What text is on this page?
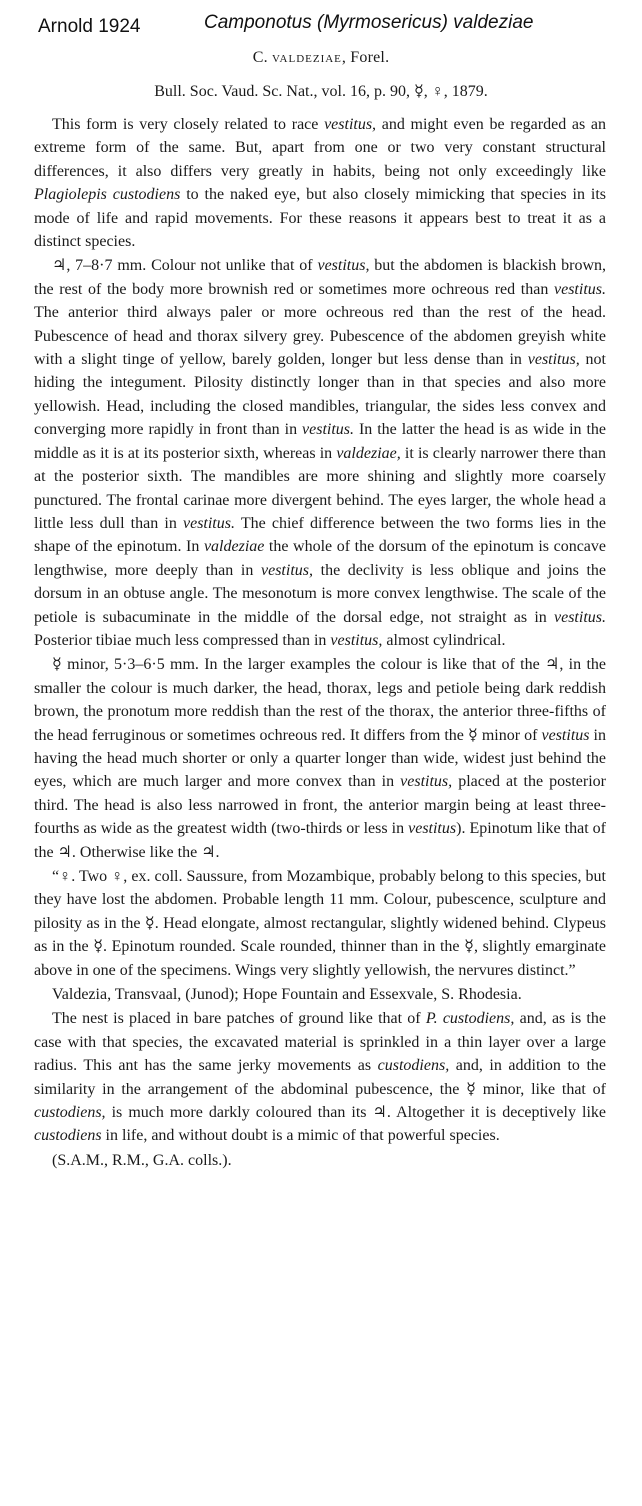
Arnold 1924	Camponotus (Myrmosericus) valdeziae
C. valdeziae, Forel.
Bull. Soc. Vaud. Sc. Nat., vol. 16, p. 90, ☿, ♀, 1879.

This form is very closely related to race vestitus, and might even be regarded as an extreme form of the same. But, apart from one or two very constant structural differences, it also differs very greatly in habits, being not only exceedingly like Plagiolepis custodiens to the naked eye, but also closely mimicking that species in its mode of life and rapid movements. For these reasons it appears best to treat it as a distinct species.

♃, 7–8·7 mm. Colour not unlike that of vestitus, but the abdomen is blackish brown, the rest of the body more brownish red or sometimes more ochreous red than vestitus. The anterior third always paler or more ochreous red than the rest of the head. Pubescence of head and thorax silvery grey. Pubescence of the abdomen greyish white with a slight tinge of yellow, barely golden, longer but less dense than in vestitus, not hiding the integument. Pilosity distinctly longer than in that species and also more yellowish. Head, including the closed mandibles, triangular, the sides less convex and converging more rapidly in front than in vestitus. In the latter the head is as wide in the middle as it is at its posterior sixth, whereas in valdeziae, it is clearly narrower there than at the posterior sixth. The mandibles are more shining and slightly more coarsely punctured. The frontal carinae more divergent behind. The eyes larger, the whole head a little less dull than in vestitus. The chief difference between the two forms lies in the shape of the epinotum. In valdeziae the whole of the dorsum of the epinotum is concave lengthwise, more deeply than in vestitus, the declivity is less oblique and joins the dorsum in an obtuse angle. The mesonotum is more convex lengthwise. The scale of the petiole is subacuminate in the middle of the dorsal edge, not straight as in vestitus. Posterior tibiae much less compressed than in vestitus, almost cylindrical.

☿ minor, 5·3–6·5 mm. In the larger examples the colour is like that of the ♃, in the smaller the colour is much darker, the head, thorax, legs and petiole being dark reddish brown, the pronotum more reddish than the rest of the thorax, the anterior three-fifths of the head ferruginous or sometimes ochreous red. It differs from the ☿ minor of vestitus in having the head much shorter or only a quarter longer than wide, widest just behind the eyes, which are much larger and more convex than in vestitus, placed at the posterior third. The head is also less narrowed in front, the anterior margin being at least three-fourths as wide as the greatest width (two-thirds or less in vestitus). Epinotum like that of the ♃. Otherwise like the ♃.

“♀. Two ♀, ex. coll. Saussure, from Mozambique, probably belong to this species, but they have lost the abdomen. Probable length 11 mm. Colour, pubescence, sculpture and pilosity as in the ☿. Head elongate, almost rectangular, slightly widened behind. Clypeus as in the ☿. Epinotum rounded. Scale rounded, thinner than in the ☿, slightly emarginate above in one of the specimens. Wings very slightly yellowish, the nervures distinct.”

Valdezia, Transvaal, (Junod); Hope Fountain and Essexvale, S. Rhodesia.

The nest is placed in bare patches of ground like that of P. custodiens, and, as is the case with that species, the excavated material is sprinkled in a thin layer over a large radius. This ant has the same jerky movements as custodiens, and, in addition to the similarity in the arrangement of the abdominal pubescence, the ☿ minor, like that of custodiens, is much more darkly coloured than its ♃. Altogether it is deceptively like custodiens in life, and without doubt is a mimic of that powerful species.

(S.A.M., R.M., G.A. colls.).
